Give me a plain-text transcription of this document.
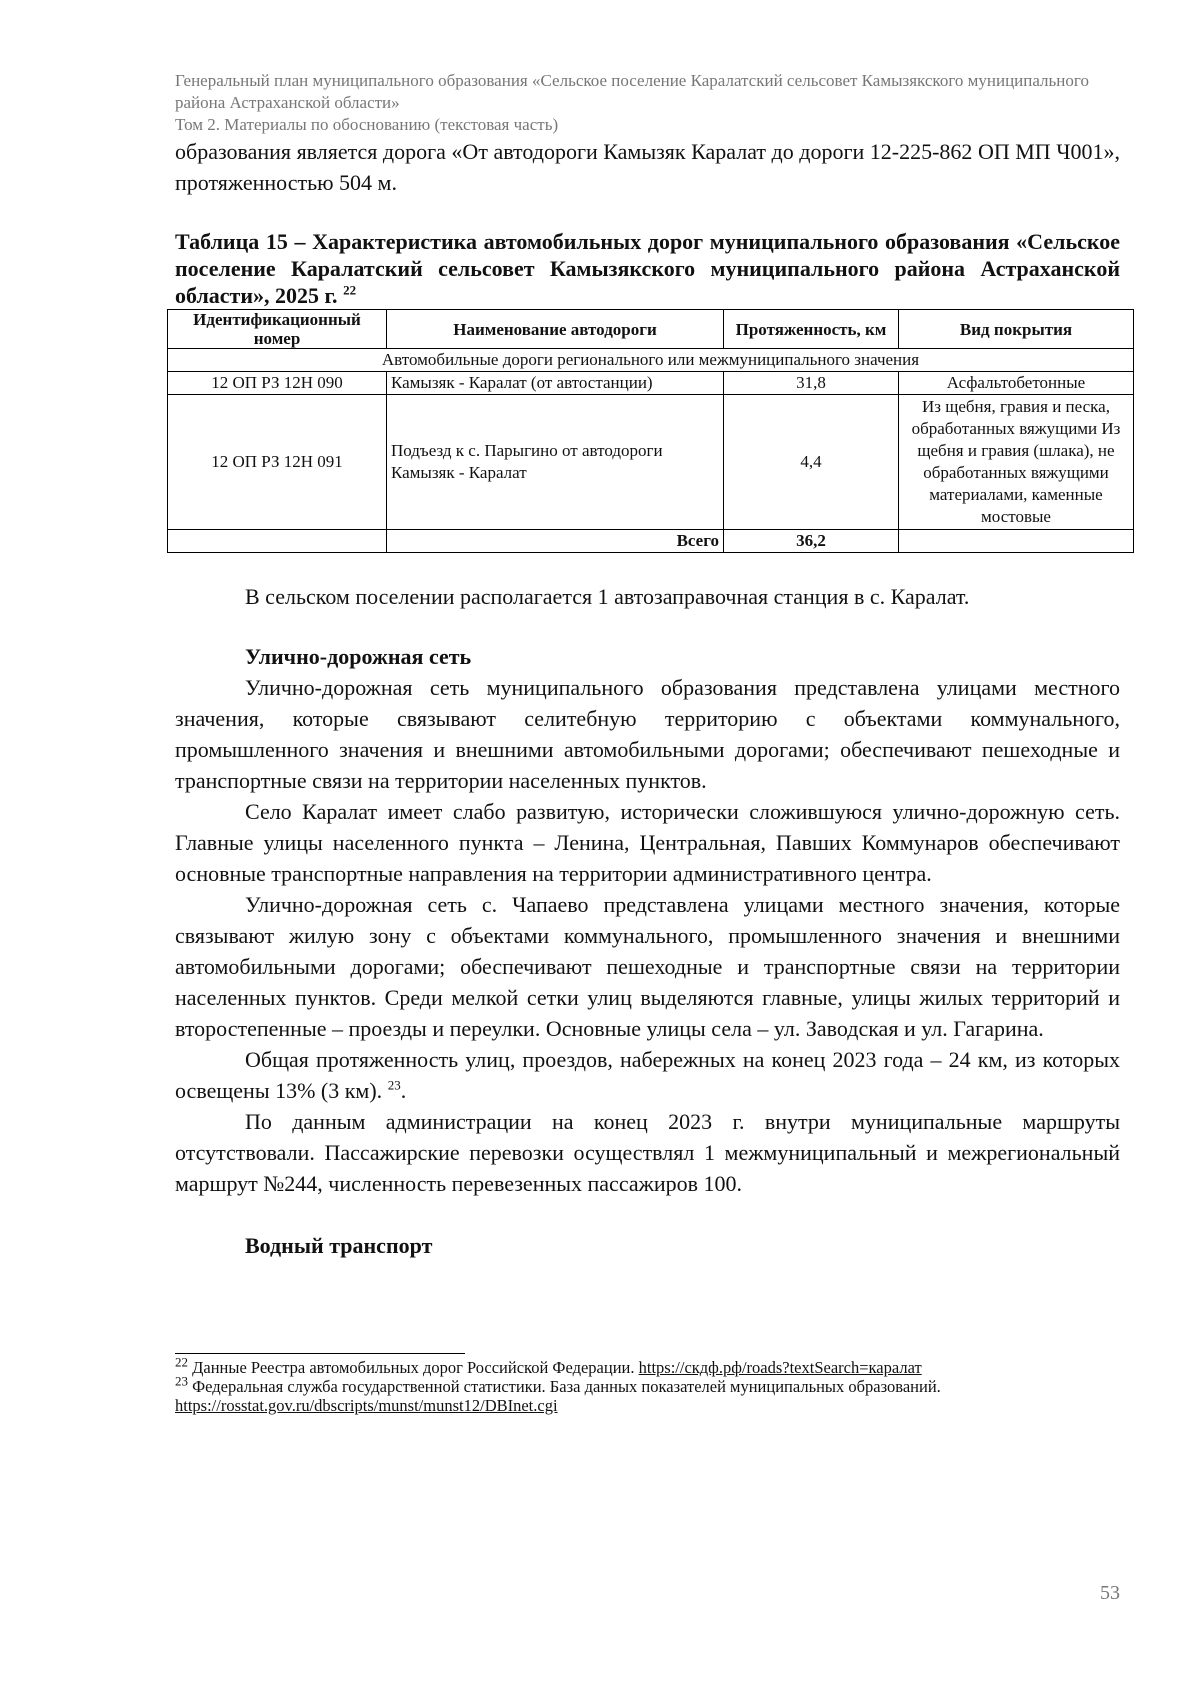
Генеральный план муниципального образования «Сельское поселение Каралатский сельсовет Камызякского муниципального района Астраханской области»
Том 2. Материалы по обоснованию (текстовая часть)

образования является дорога «От автодороги Камызяк Каралат до дороги 12-225-862 ОП МП Ч001», протяженностью 504 м.

Таблица 15 – Характеристика автомобильных дорог муниципального образования «Сельское поселение Каралатский сельсовет Камызякского муниципального района Астраханской области», 2025 г. $^{22}$
Идентификационный номер	Наименование автодороги	Протяженность, км	Вид покрытия
Автомобильные дороги регионального или межмуниципального значения			
12 ОП РЗ 12Н 090	Камызяк - Каралат (от автостанции)	31,8	Асфальтобетонные
12 ОП РЗ 12Н 091	Подъезд к с. Парыгино от автодороги Камызяк - Каралат	4,4	Из щебня, гравия и песка, обработанных вяжущими Из щебня и гравия (шлака), не обработанных вяжущими материалами, каменные мостовые
	Всего	36,2	

В сельском поселении располагается 1 автозаправочная станция в с. Каралат.

Улично-дорожная сеть

Улично-дорожная сеть муниципального образования представлена улицами местного значения, которые связывают селитебную территорию с объектами коммунального, промышленного значения и внешними автомобильными дорогами; обеспечивают пешеходные и транспортные связи на территории населенных пунктов.

Село Каралат имеет слабо развитую, исторически сложившуюся улично-дорожную сеть. Главные улицы населенного пункта – Ленина, Центральная, Павших Коммунаров обеспечивают основные транспортные направления на территории административного центра.

Улично-дорожная сеть с. Чапаево представлена улицами местного значения, которые связывают жилую зону с объектами коммунального, промышленного значения и внешними автомобильными дорогами; обеспечивают пешеходные и транспортные связи на территории населенных пунктов. Среди мелкой сетки улиц выделяются главные, улицы жилых территорий и второстепенные – проезды и переулки. Основные улицы села – ул. Заводская и ул. Гагарина.

Общая протяженность улиц, проездов, набережных на конец 2023 года – 24 км, из которых освещены 13% (3 км). $^{23}$.

По данным администрации на конец 2023 г. внутри муниципальные маршруты отсутствовали. Пассажирские перевозки осуществлял 1 межмуниципальный и межрегиональный маршрут №244, численность перевезенных пассажиров 100.

Водный транспорт
$^{22}$ Данные Реестра автомобильных дорог Российской Федерации. https://скдф.рф/roads?textSearch=каралат
$^{23}$ Федеральная служба государственной статистики. База данных показателей муниципальных образований. https://rosstat.gov.ru/dbscripts/munst/munst12/DBInet.cgi
53
